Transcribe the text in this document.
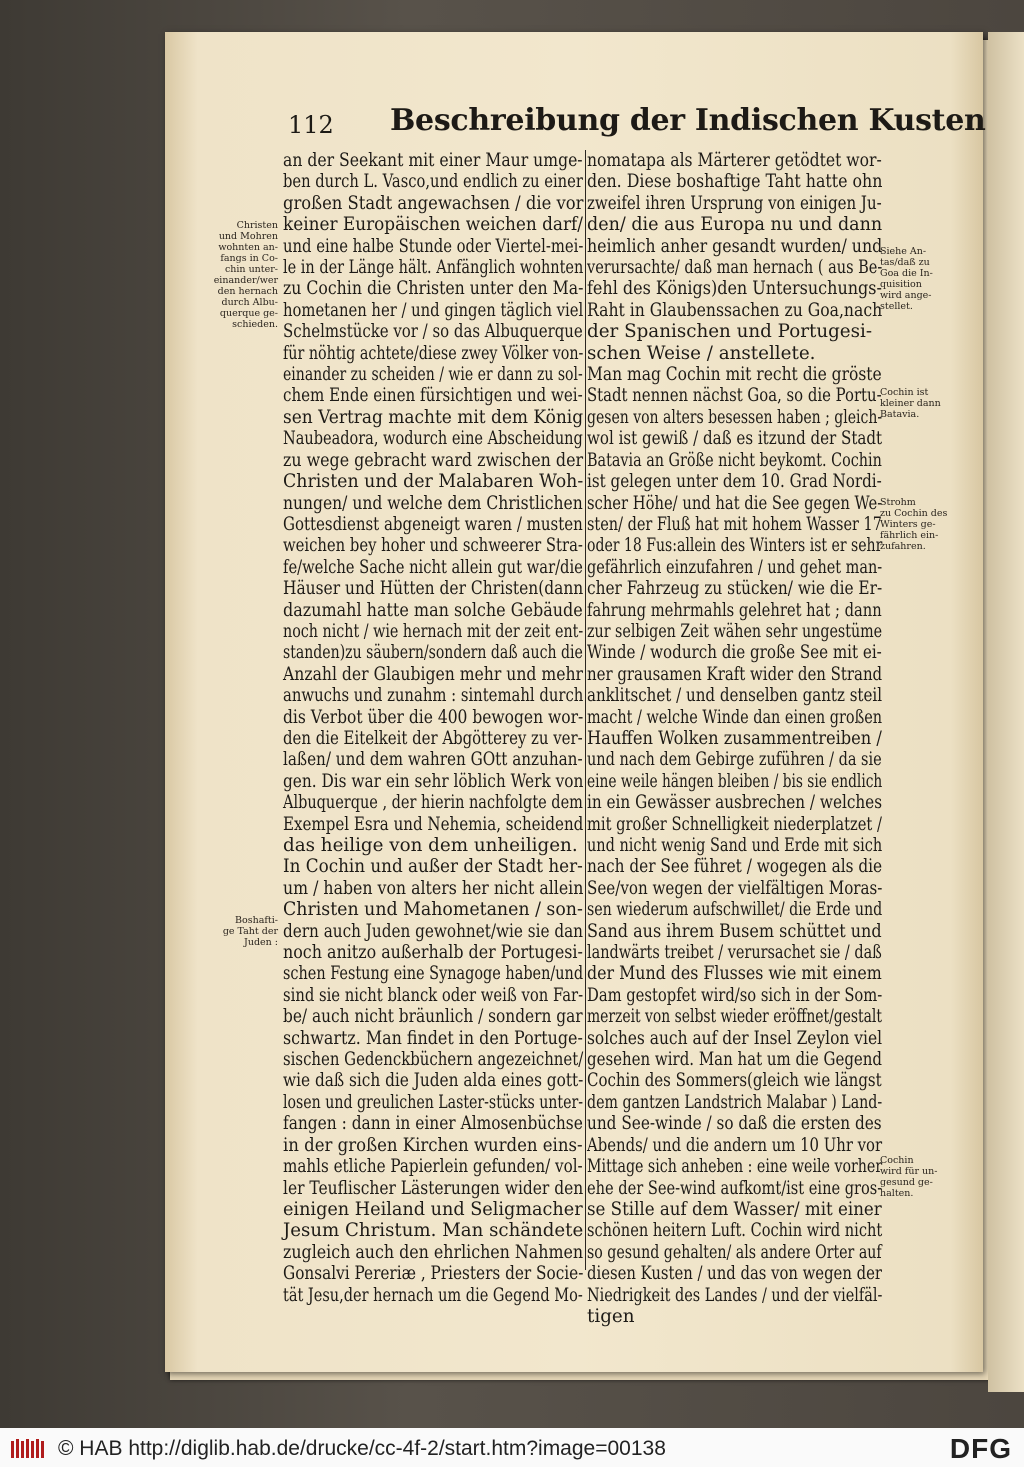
112 Beschreibung der Indischen Kusten
an der Seekant mit einer Maur umge-
ben durch L. Vasco,und endlich zu einer
großen Stadt angewachsen / die vor
keiner Europäischen weichen darf/
und eine halbe Stunde oder Viertel-mei-
le in der Länge hält. Anfänglich wohnten
zu Cochin die Christen unter den Ma-
hometanen her / und gingen täglich viel
Schelmstücke vor / so das Albuquerque
für nöhtig achtete/diese zwey Völker von-
einander zu scheiden / wie er dann zu sol-
chem Ende einen fürsichtigen und wei-
sen Vertrag machte mit dem König
Naubeadora, wodurch eine Abscheidung
zu wege gebracht ward zwischen der
Christen und der Malabaren Woh-
nungen/ und welche dem Christlichen
Gottesdienst abgeneigt waren / musten
weichen bey hoher und schweerer Stra-
fe/welche Sache nicht allein gut war/die
Häuser und Hütten der Christen(dann
dazumahl hatte man solche Gebäude
noch nicht / wie hernach mit der zeit ent-
standen)zu säubern/sondern daß auch die
Anzahl der Glaubigen mehr und mehr
anwuchs und zunahm : sintemahl durch
dis Verbot über die 400 bewogen wor-
den die Eitelkeit der Abgötterey zu ver-
laßen/ und dem wahren GOtt anzuhan-
gen. Dis war ein sehr löblich Werk von
Albuquerque , der hierin nachfolgte dem
Exempel Esra und Nehemia, scheidend
das heilige von dem unheiligen.
In Cochin und außer der Stadt her-
um / haben von alters her nicht allein
Christen und Mahometanen / son-
dern auch Juden gewohnet/wie sie dan
noch anitzo außerhalb der Portugesi-
schen Festung eine Synagoge haben/und
sind sie nicht blanck oder weiß von Far-
be/ auch nicht bräunlich / sondern gar
schwartz. Man findet in den Portuge-
sischen Gedenckbüchern angezeichnet/
wie daß sich die Juden alda eines gott-
losen und greulichen Laster-stücks unter-
fangen : dann in einer Almosenbüchse
in der großen Kirchen wurden eins-
mahls etliche Papierlein gefunden/ vol-
ler Teuflischer Lästerungen wider den
einigen Heiland und Seligmacher
Jesum Christum. Man schändete
zugleich auch den ehrlichen Nahmen
Gonsalvi Pereriæ , Priesters der Socie-
tät Jesu,der hernach um die Gegend Mo-
nomatapa als Märterer getödtet wor-
den. Diese boshaftige Taht hatte ohn
zweifel ihren Ursprung von einigen Ju-
den/ die aus Europa nu und dann
heimlich anher gesandt wurden/ und
verursachte/ daß man hernach ( aus Be-
fehl des Königs)den Untersuchungs-
Raht in Glaubenssachen zu Goa,nach
der Spanischen und Portugesi-
schen Weise / anstellete.
Man mag Cochin mit recht die gröste
Stadt nennen nächst Goa, so die Portu-
gesen von alters besessen haben ; gleich-
wol ist gewiß / daß es itzund der Stadt
Batavia an Größe nicht beykomt. Cochin
ist gelegen unter dem 10. Grad Nordi-
scher Höhe/ und hat die See gegen We-
sten/ der Fluß hat mit hohem Wasser 17
oder 18 Fus:allein des Winters ist er sehr
gefährlich einzufahren / und gehet man-
cher Fahrzeug zu stücken/ wie die Er-
fahrung mehrmahls gelehret hat ; dann
zur selbigen Zeit wähen sehr ungestüme
Winde / wodurch die große See mit ei-
ner grausamen Kraft wider den Strand
anklitschet / und denselben gantz steil
macht / welche Winde dan einen großen
Hauffen Wolken zusammentreiben /
und nach dem Gebirge zuführen / da sie
eine weile hängen bleiben / bis sie endlich
in ein Gewässer ausbrechen / welches
mit großer Schnelligkeit niederplatzet /
und nicht wenig Sand und Erde mit sich
nach der See führet / wogegen als die
See/von wegen der vielfältigen Moras-
sen wiederum aufschwillet/ die Erde und
Sand aus ihrem Busem schüttet und
landwärts treibet / verursachet sie / daß
der Mund des Flusses wie mit einem
Dam gestopfet wird/so sich in der Som-
merzeit von selbst wieder eröffnet/gestalt
solches auch auf der Insel Zeylon viel
gesehen wird. Man hat um die Gegend
Cochin des Sommers(gleich wie längst
dem gantzen Landstrich Malabar ) Land-
und See-winde / so daß die ersten des
Abends/ und die andern um 10 Uhr vor
Mittage sich anheben : eine weile vorher
ehe der See-wind aufkomt/ist eine gros-
se Stille auf dem Wasser/ mit einer
schönen heitern Luft. Cochin wird nicht
so gesund gehalten/ als andere Orter auf
diesen Kusten / und das von wegen der
Niedrigkeit des Landes / und der vielfäl-
tigen
Christen
und Mohren
wohnten an-
fangs in Co-
chin unter-
einander/wer
den hernach
durch Albu-
querque ge-
schieden.
Boshafti-
ge Taht der
Juden :
Siehe An-
tas/daß zu
Goa die In-
quisition
wird ange-
stellet.
Cochin ist
kleiner dann
Batavia.
Strohm
zu Cochin des
Winters ge-
fährlich ein-
zufahren.
Cochin
wird für un-
gesund ge-
halten.
© HAB http://diglib.hab.de/drucke/cc-4f-2/start.htm?image=00138	DFG
